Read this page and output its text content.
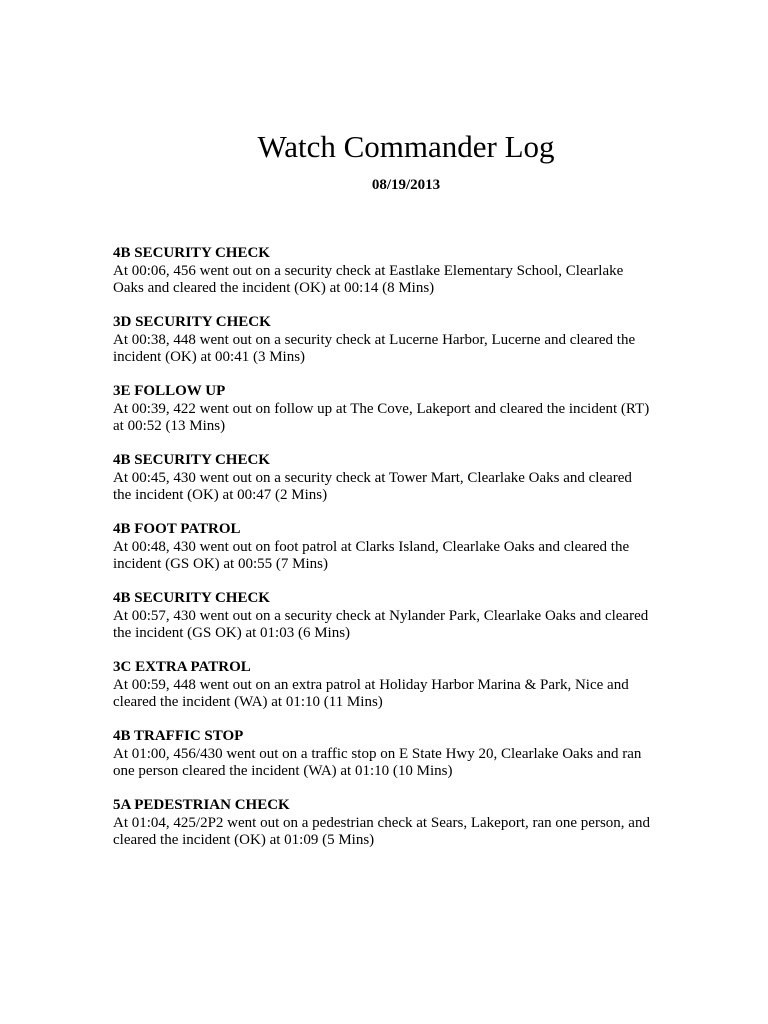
Watch Commander Log
08/19/2013
4B SECURITY CHECK
At 00:06, 456 went out on a security check at Eastlake Elementary School, Clearlake
Oaks and cleared the incident (OK) at 00:14 (8 Mins)
3D SECURITY CHECK
At 00:38, 448 went out on a security check at Lucerne Harbor, Lucerne and cleared the
incident (OK) at 00:41 (3 Mins)
3E FOLLOW UP
At 00:39, 422 went out on follow up at The Cove, Lakeport and cleared the incident (RT)
at 00:52 (13 Mins)
4B SECURITY CHECK
At 00:45, 430 went out on a security check at Tower Mart, Clearlake Oaks and cleared
the incident (OK) at 00:47 (2 Mins)
4B FOOT PATROL
At 00:48, 430 went out on foot patrol at Clarks Island, Clearlake Oaks and cleared the
incident (GS OK) at 00:55 (7 Mins)
4B SECURITY CHECK
At 00:57, 430 went out on a security check at Nylander Park, Clearlake Oaks and cleared
the incident (GS OK) at 01:03 (6 Mins)
3C EXTRA PATROL
At 00:59, 448 went out on an extra patrol at Holiday Harbor Marina & Park, Nice and
cleared the incident (WA) at 01:10 (11 Mins)
4B TRAFFIC STOP
At 01:00, 456/430 went out on a traffic stop on E State Hwy 20, Clearlake Oaks and ran
one person cleared the incident (WA) at 01:10 (10 Mins)
5A PEDESTRIAN CHECK
At 01:04, 425/2P2 went out on a pedestrian check at Sears, Lakeport, ran one person, and
cleared the incident (OK) at 01:09 (5 Mins)
